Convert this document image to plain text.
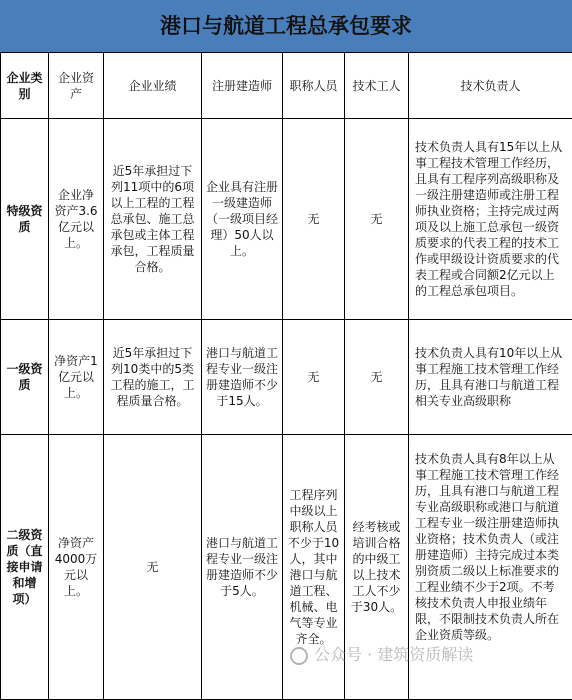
港口与航道工程总承包要求
企业类别	企业资产	企业业绩	注册建造师	职称人员	技术工人	技术负责人
特级资质	企业净资产3.6亿元以上。	近5年承担过下列11项中的6项以上工程的工程总承包、施工总承包或主体工程承包，工程质量合格。	企业具有注册一级建造师（一级项目经理）50人以上。	无	无	技术负责人具有15年以上从事工程技术管理工作经历，且具有工程序列高级职称及一级注册建造师或注册工程师执业资格；主持完成过两项及以上施工总承包一级资质要求的代表工程的技术工作或甲级设计资质要求的代表工程或合同额2亿元以上的工程总承包项目。
一级资质	净资产1亿元以上。	近5年承担过下列10类中的5类工程的施工，工程质量合格。	港口与航道工程专业一级注册建造师不少于15人。	无	无	技术负责人具有10年以上从事工程施工技术管理工作经历，且具有港口与航道工程相关专业高级职称
二级资质（直接申请和增项）	净资产4000万元以上。	无	港口与航道工程专业一级注册建造师不少于5人。	工程序列中级以上职称人员不少于10人，其中港口与航道工程、机械、电气等专业齐全。	经考核或培训合格的中级工以上技术工人不少于30人。	技术负责人具有8年以上从事工程施工技术管理工作经历，且具有港口与航道工程专业高级职称或港口与航道工程专业一级注册建造师执业资格；技术负责人（或注册建造师）主持完成过本类别资质二级以上标准要求的工程业绩不少于2项。不考核技术负责人申报业绩年限，不限制技术负责人所在企业资质等级。
公众号 · 建筑资质解读
